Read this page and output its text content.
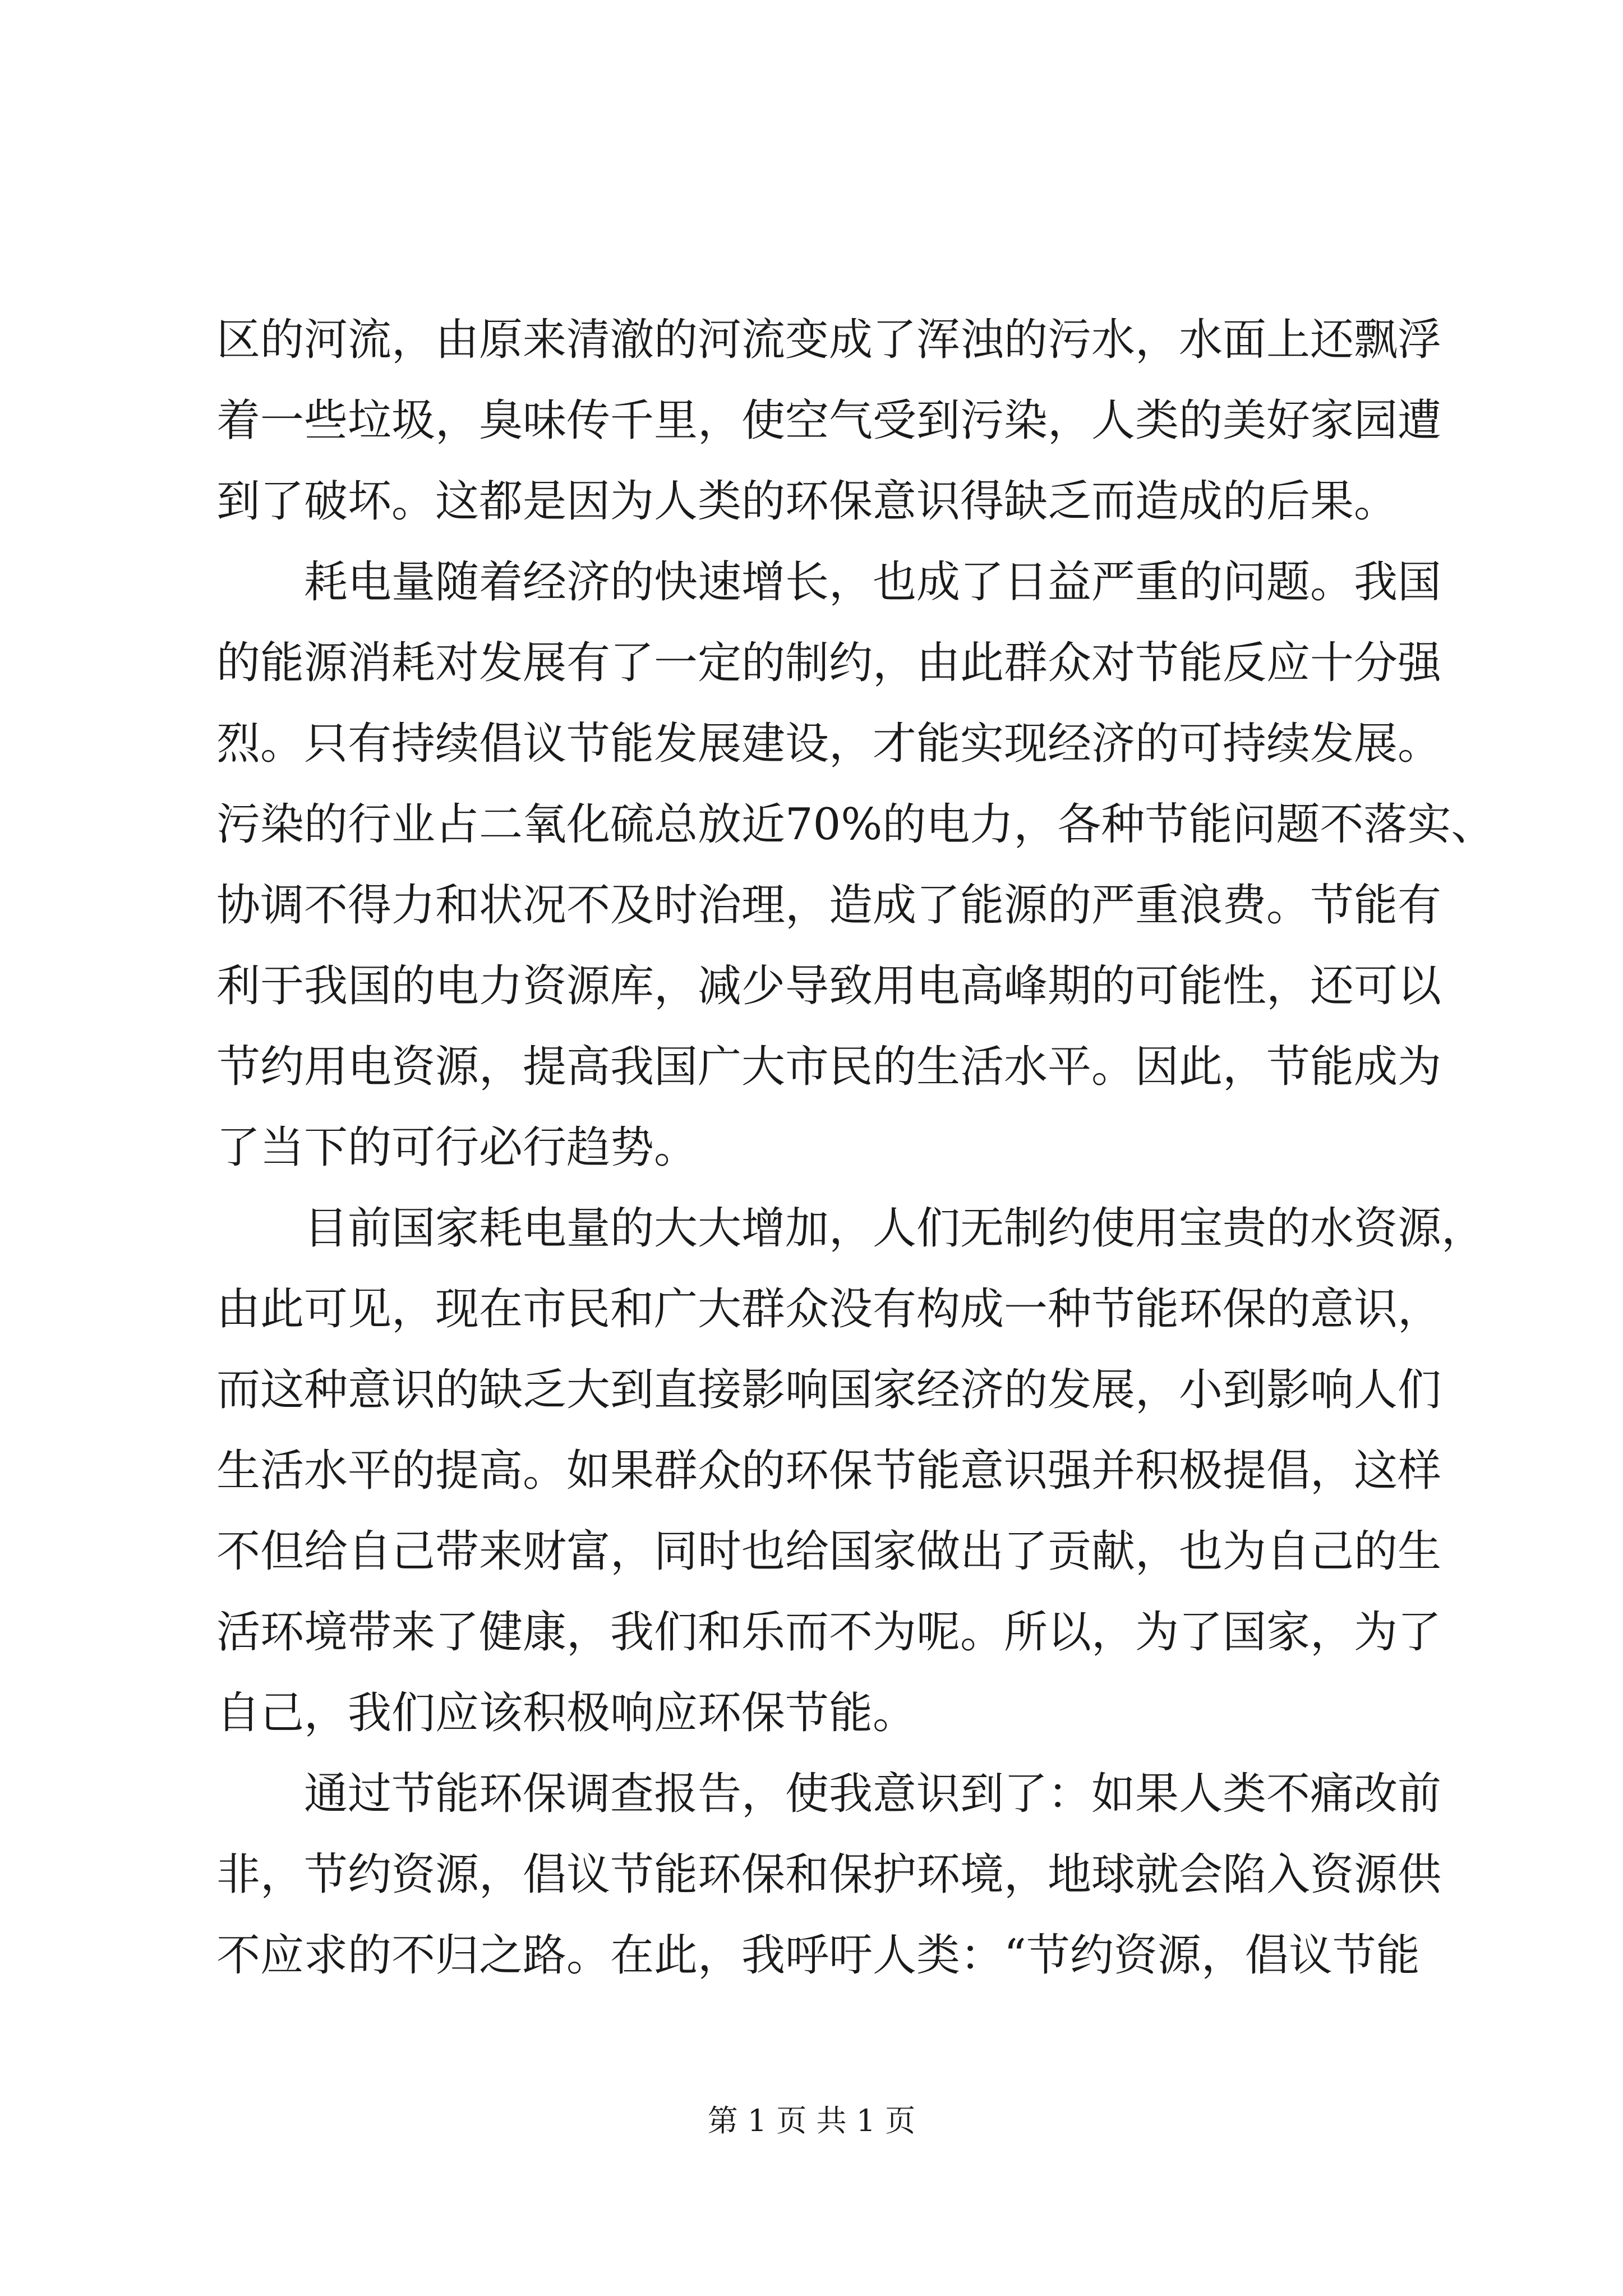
区的河流，由原来清澈的河流变成了浑浊的污水，水面上还飘浮
着一些垃圾，臭味传千里，使空气受到污染，人类的美好家园遭
到了破坏。这都是因为人类的环保意识得缺乏而造成的后果。
耗电量随着经济的快速增长，也成了日益严重的问题。我国
的能源消耗对发展有了一定的制约，由此群众对节能反应十分强
烈。只有持续倡议节能发展建设，才能实现经济的可持续发展。
污染的行业占二氧化硫总放近70%的电力，各种节能问题不落实、
协调不得力和状况不及时治理，造成了能源的严重浪费。节能有
利于我国的电力资源库，减少导致用电高峰期的可能性，还可以
节约用电资源，提高我国广大市民的生活水平。因此，节能成为
了当下的可行必行趋势。
目前国家耗电量的大大增加，人们无制约使用宝贵的水资源，
由此可见，现在市民和广大群众没有构成一种节能环保的意识，
而这种意识的缺乏大到直接影响国家经济的发展，小到影响人们
生活水平的提高。如果群众的环保节能意识强并积极提倡，这样
不但给自己带来财富，同时也给国家做出了贡献，也为自己的生
活环境带来了健康，我们和乐而不为呢。所以，为了国家，为了
自己，我们应该积极响应环保节能。
通过节能环保调查报告，使我意识到了：如果人类不痛改前
非，节约资源，倡议节能环保和保护环境，地球就会陷入资源供
不应求的不归之路。在此，我呼吁人类：“节约资源，倡议节能
第 1 页 共 1 页
